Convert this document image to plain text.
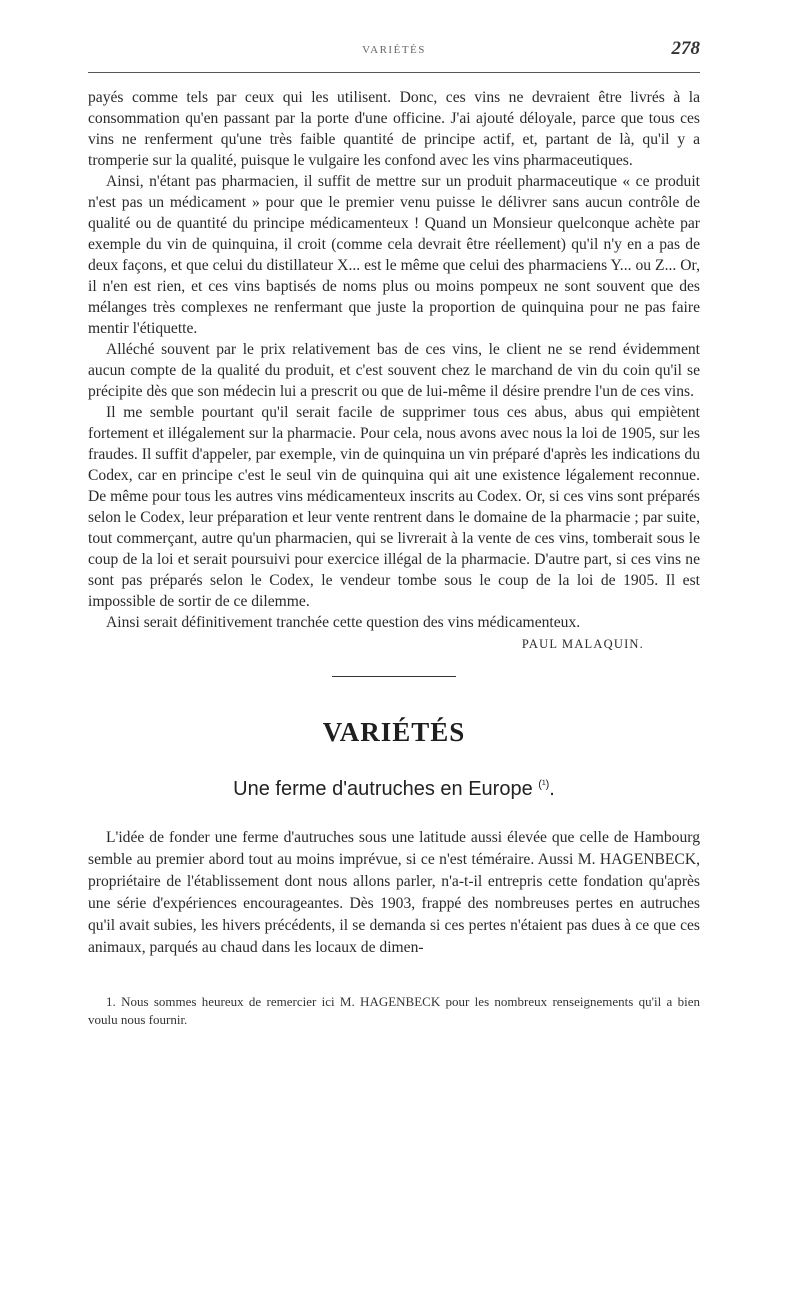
VARIÉTÉS	278

payés comme tels par ceux qui les utilisent. Donc, ces vins ne devraient être livrés à la consommation qu'en passant par la porte d'une officine. J'ai ajouté déloyale, parce que tous ces vins ne renferment qu'une très faible quantité de principe actif, et, partant de là, qu'il y a tromperie sur la qualité, puisque le vulgaire les confond avec les vins pharmaceutiques.

Ainsi, n'étant pas pharmacien, il suffit de mettre sur un produit pharmaceutique « ce produit n'est pas un médicament » pour que le premier venu puisse le délivrer sans aucun contrôle de qualité ou de quantité du principe médicamenteux ! Quand un Monsieur quelconque achète par exemple du vin de quinquina, il croit (comme cela devrait être réellement) qu'il n'y en a pas de deux façons, et que celui du distillateur X... est le même que celui des pharmaciens Y... ou Z... Or, il n'en est rien, et ces vins baptisés de noms plus ou moins pompeux ne sont souvent que des mélanges très complexes ne renfermant que juste la proportion de quinquina pour ne pas faire mentir l'étiquette.

Alléché souvent par le prix relativement bas de ces vins, le client ne se rend évidemment aucun compte de la qualité du produit, et c'est souvent chez le marchand de vin du coin qu'il se précipite dès que son médecin lui a prescrit ou que de lui-même il désire prendre l'un de ces vins.

Il me semble pourtant qu'il serait facile de supprimer tous ces abus, abus qui empiètent fortement et illégalement sur la pharmacie. Pour cela, nous avons avec nous la loi de 1905, sur les fraudes. Il suffit d'appeler, par exemple, vin de quinquina un vin préparé d'après les indications du Codex, car en principe c'est le seul vin de quinquina qui ait une existence légalement reconnue. De même pour tous les autres vins médicamenteux inscrits au Codex. Or, si ces vins sont préparés selon le Codex, leur préparation et leur vente rentrent dans le domaine de la pharmacie ; par suite, tout commerçant, autre qu'un pharmacien, qui se livrerait à la vente de ces vins, tomberait sous le coup de la loi et serait poursuivi pour exercice illégal de la pharmacie. D'autre part, si ces vins ne sont pas préparés selon le Codex, le vendeur tombe sous le coup de la loi de 1905. Il est impossible de sortir de ce dilemme.

Ainsi serait définitivement tranchée cette question des vins médicamenteux.

PAUL MALAQUIN.
VARIÉTÉS
Une ferme d'autruches en Europe $^{(^1)}$.

L'idée de fonder une ferme d'autruches sous une latitude aussi élevée que celle de Hambourg semble au premier abord tout au moins imprévue, si ce n'est téméraire. Aussi M. HAGENBECK, propriétaire de l'établissement dont nous allons parler, n'a-t-il entrepris cette fondation qu'après une série d'expériences encourageantes. Dès 1903, frappé des nombreuses pertes en autruches qu'il avait subies, les hivers précédents, il se demanda si ces pertes n'étaient pas dues à ce que ces animaux, parqués au chaud dans les locaux de dimen-

1. Nous sommes heureux de remercier ici M. HAGENBECK pour les nombreux renseignements qu'il a bien voulu nous fournir.
